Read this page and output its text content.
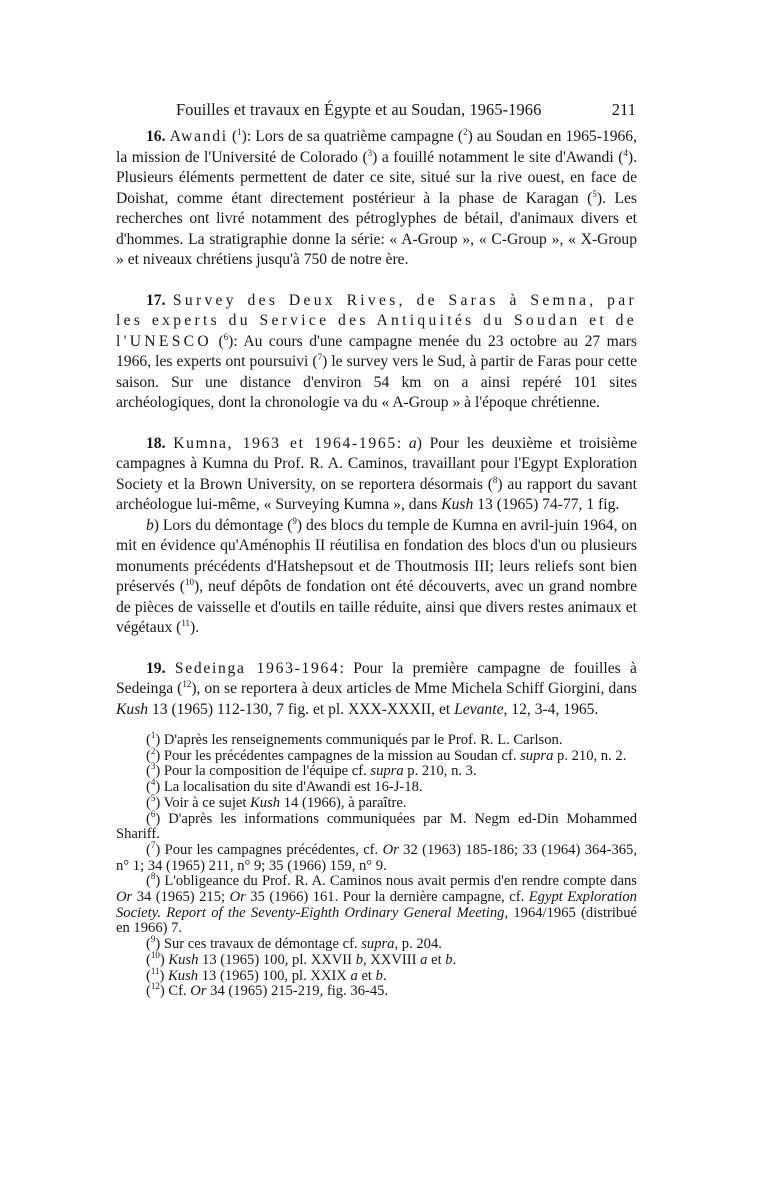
Fouilles et travaux en Égypte et au Soudan, 1965-1966	211

16. Awandi ($^1$): Lors de sa quatrième campagne ($^2$) au Soudan en 1965-1966, la mission de l'Université de Colorado ($^3$) a fouillé notamment le site d'Awandi ($^4$). Plusieurs éléments permettent de dater ce site, situé sur la rive ouest, en face de Doishat, comme étant directement postérieur à la phase de Karagan ($^5$). Les recherches ont livré notamment des pétroglyphes de bétail, d'animaux divers et d'hommes. La stratigraphie donne la série: « A-Group », « C-Group », « X-Group » et niveaux chrétiens jusqu'à 750 de notre ère.

17. Survey des Deux Rives, de Saras à Semna, par les experts du Service des Antiquités du Soudan et de l'UNESCO ($^6$): Au cours d'une campagne menée du 23 octobre au 27 mars 1966, les experts ont poursuivi ($^7$) le survey vers le Sud, à partir de Faras pour cette saison. Sur une distance d'environ 54 km on a ainsi repéré 101 sites archéologiques, dont la chronologie va du « A-Group » à l'époque chrétienne.

18. Kumna, 1963 et 1964-1965: a) Pour les deuxième et troisième campagnes à Kumna du Prof. R. A. Caminos, travaillant pour l'Egypt Exploration Society et la Brown University, on se reportera désormais ($^8$) au rapport du savant archéologue lui-même, « Surveying Kumna », dans Kush 13 (1965) 74-77, 1 fig.

b) Lors du démontage ($^9$) des blocs du temple de Kumna en avril-juin 1964, on mit en évidence qu'Aménophis II réutilisa en fondation des blocs d'un ou plusieurs monuments précédents d'Hatshepsout et de Thoutmosis III; leurs reliefs sont bien préservés ($^{10}$), neuf dépôts de fondation ont été découverts, avec un grand nombre de pièces de vaisselle et d'outils en taille réduite, ainsi que divers restes animaux et végétaux ($^{11}$).

19. Sedeinga 1963-1964: Pour la première campagne de fouilles à Sedeinga ($^{12}$), on se reportera à deux articles de Mme Michela Schiff Giorgini, dans Kush 13 (1965) 112-130, 7 fig. et pl. XXX-XXXII, et Levante, 12, 3-4, 1965.

($^1$) D'après les renseignements communiqués par le Prof. R. L. Carlson.

($^2$) Pour les précédentes campagnes de la mission au Soudan cf. supra p. 210, n. 2.

($^3$) Pour la composition de l'équipe cf. supra p. 210, n. 3.

($^4$) La localisation du site d'Awandi est 16-J-18.

($^5$) Voir à ce sujet Kush 14 (1966), à paraître.

($^6$) D'après les informations communiquées par M. Negm ed-Din Mohammed Shariff.

($^7$) Pour les campagnes précédentes, cf. Or 32 (1963) 185-186; 33 (1964) 364-365, n° 1; 34 (1965) 211, n° 9; 35 (1966) 159, n° 9.

($^8$) L'obligeance du Prof. R. A. Caminos nous avait permis d'en rendre compte dans Or 34 (1965) 215; Or 35 (1966) 161. Pour la dernière campagne, cf. Egypt Exploration Society. Report of the Seventy-Eighth Ordinary General Meeting, 1964/1965 (distribué en 1966) 7.

($^9$) Sur ces travaux de démontage cf. supra, p. 204.

($^{10}$) Kush 13 (1965) 100, pl. XXVII b, XXVIII a et b.

($^{11}$) Kush 13 (1965) 100, pl. XXIX a et b.

($^{12}$) Cf. Or 34 (1965) 215-219, fig. 36-45.
